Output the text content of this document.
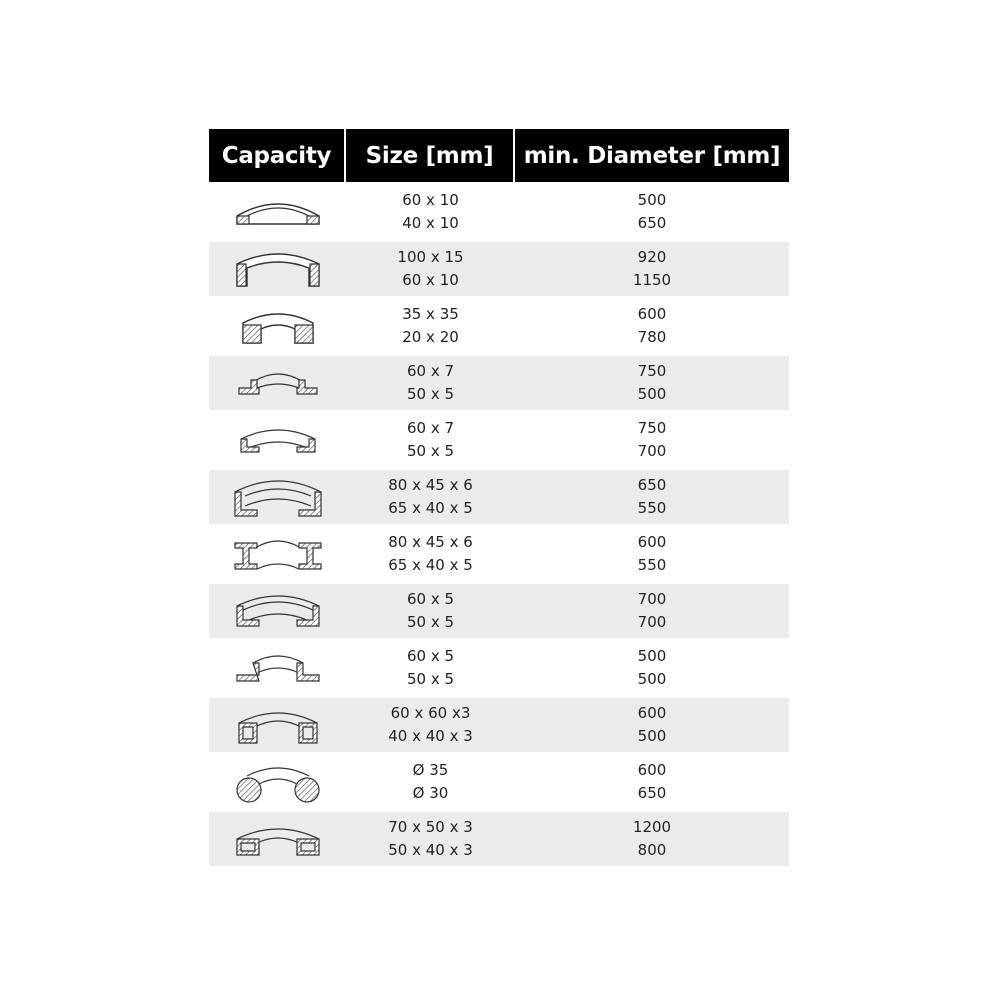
Capacity	Size [mm]	min. Diameter [mm]
60 x 10
40 x 10
500
650
100 x 15
60 x 10
920
1150
35 x 35
20 x 20
600
780
60 x 7
50 x 5
750
500
60 x 7
50 x 5
750
700
80 x 45 x 6
65 x 40 x 5
650
550
80 x 45 x 6
65 x 40 x 5
600
550
60 x 5
50 x 5
700
700
60 x 5
50 x 5
500
500
60 x 60 x3
40 x 40 x 3
600
500
Ø 35
Ø 30
600
650
70 x 50 x 3
50 x 40 x 3
1200
800
